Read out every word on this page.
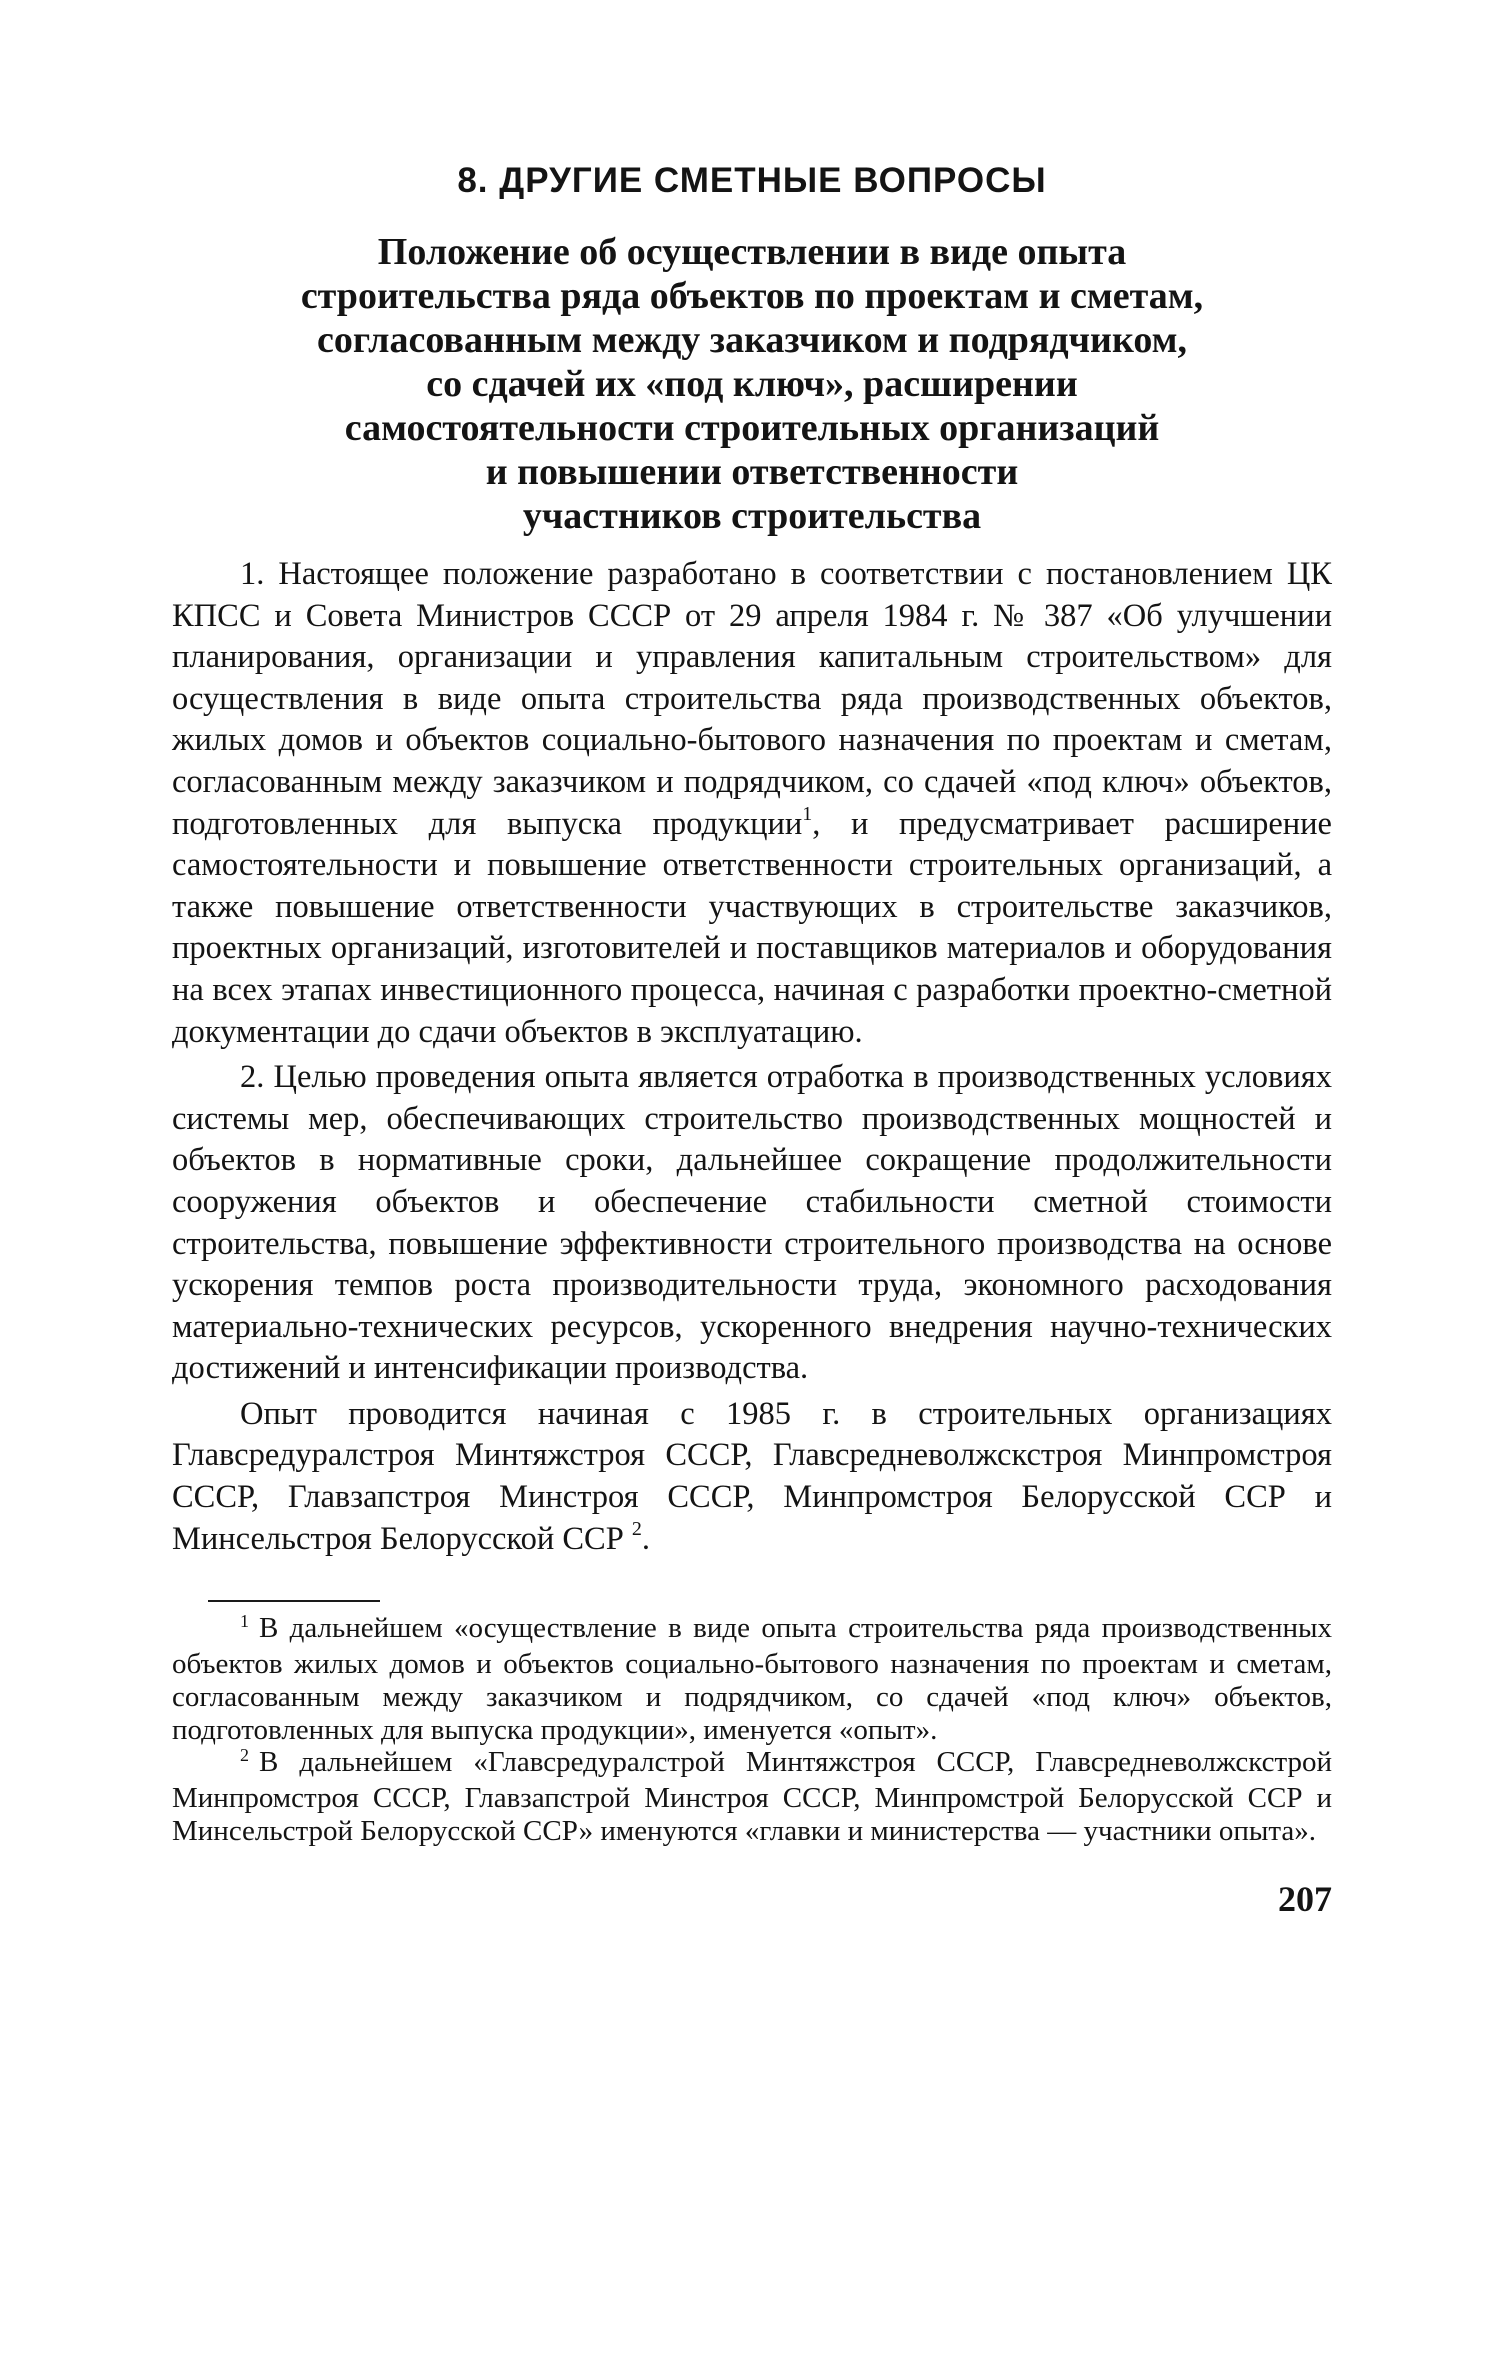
8. ДРУГИЕ СМЕТНЫЕ ВОПРОСЫ
Положение об осуществлении в виде опыта
строительства ряда объектов по проектам и сметам,
согласованным между заказчиком и подрядчиком,
со сдачей их «под ключ», расширении
самостоятельности строительных организаций
и повышении ответственности
участников строительства

1. Настоящее положение разработано в соответствии с постановлением ЦК КПСС и Совета Министров СССР от 29 апреля 1984 г. № 387 «Об улучшении планирования, организации и управления капитальным строительством» для осуществления в виде опыта строительства ряда производственных объектов, жилых домов и объектов социально-бытового назначения по проектам и сметам, согласованным между заказчиком и подрядчиком, со сдачей «под ключ» объектов, подготовленных для выпуска продукции$^1$, и предусматривает расширение самостоятельности и повышение ответственности строительных организаций, а также повышение ответственности участвующих в строительстве заказчиков, проектных организаций, изготовителей и поставщиков материалов и оборудования на всех этапах инвестиционного процесса, начиная с разработки проектно-сметной документации до сдачи объектов в эксплуатацию.

2. Целью проведения опыта является отработка в производственных условиях системы мер, обеспечивающих строительство производственных мощностей и объектов в нормативные сроки, дальнейшее сокращение продолжительности сооружения объектов и обеспечение стабильности сметной стоимости строительства, повышение эффективности строительного производства на основе ускорения темпов роста производительности труда, экономного расходования материально-технических ресурсов, ускоренного внедрения научно-технических достижений и интенсификации производства.

Опыт проводится начиная с 1985 г. в строительных организациях Главсредуралстроя Минтяжстроя СССР, Главсредневолжскстроя Минпромстроя СССР, Главзапстроя Минстроя СССР, Минпромстроя Белорусской ССР и Минсельстроя Белорусской ССР $^2$.

$^1$ В дальнейшем «осуществление в виде опыта строительства ряда производственных объектов жилых домов и объектов социально-бытового назначения по проектам и сметам, согласованным между заказчиком и подрядчиком, со сдачей «под ключ» объектов, подготовленных для выпуска продукции», именуется «опыт».

$^2$ В дальнейшем «Главсредуралстрой Минтяжстроя СССР, Главсредневолжскстрой Минпромстроя СССР, Главзапстрой Минстроя СССР, Минпромстрой Белорусской ССР и Минсельстрой Белорусской ССР» именуются «главки и министерства — участники опыта».

207
